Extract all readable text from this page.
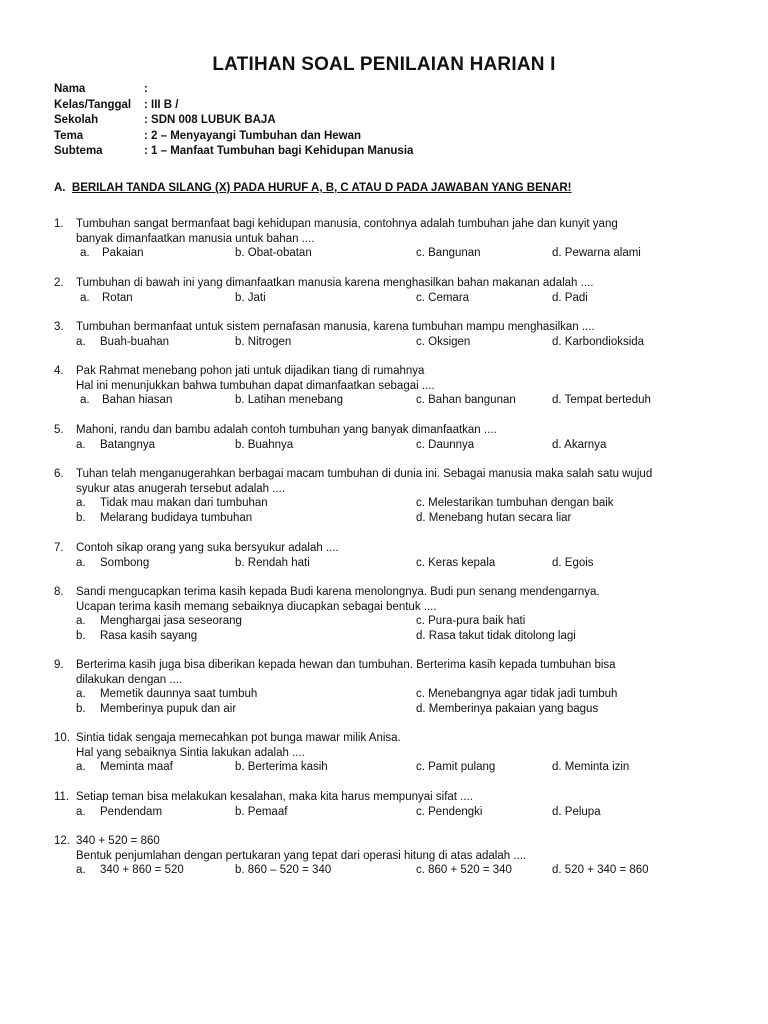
LATIHAN SOAL PENILAIAN HARIAN I
Nama	:
Kelas/Tanggal : III B /
Sekolah	: SDN 008 LUBUK BAJA
Tema	: 2 – Menyayangi Tumbuhan dan Hewan
Subtema	: 1 – Manfaat Tumbuhan bagi Kehidupan Manusia
A. BERILAH TANDA SILANG (X) PADA HURUF A, B, C ATAU D PADA JAWABAN YANG BENAR!
1. Tumbuhan sangat bermanfaat bagi kehidupan manusia, contohnya adalah tumbuhan jahe dan kunyit yang
banyak dimanfaatkan manusia untuk bahan ....
a. Pakaian	b. Obat-obatan	c. Bangunan	d. Pewarna alami
2. Tumbuhan di bawah ini yang dimanfaatkan manusia karena menghasilkan bahan makanan adalah ....
a. Rotan	b. Jati	c. Cemara	d. Padi
3. Tumbuhan bermanfaat untuk sistem pernafasan manusia, karena tumbuhan mampu menghasilkan ....
a. Buah-buahan	b. Nitrogen	c. Oksigen	d. Karbondioksida
4. Pak Rahmat menebang pohon jati untuk dijadikan tiang di rumahnya
Hal ini menunjukkan bahwa tumbuhan dapat dimanfaatkan sebagai ....
a. Bahan hiasan	b. Latihan menebang	c. Bahan bangunan	d. Tempat berteduh
5. Mahoni, randu dan bambu adalah contoh tumbuhan yang banyak dimanfaatkan ....
a. Batangnya	b. Buahnya	c. Daunnya	d. Akarnya
6. Tuhan telah menganugerahkan berbagai macam tumbuhan di dunia ini. Sebagai manusia maka salah satu wujud
syukur atas anugerah tersebut adalah ....
a. Tidak mau makan dari tumbuhan	c. Melestarikan tumbuhan dengan baik
b. Melarang budidaya tumbuhan	d. Menebang hutan secara liar
7. Contoh sikap orang yang suka bersyukur adalah ....
a. Sombong	b. Rendah hati	c. Keras kepala	d. Egois
8. Sandi mengucapkan terima kasih kepada Budi karena menolongnya. Budi pun senang mendengarnya.
Ucapan terima kasih memang sebaiknya diucapkan sebagai bentuk ....
a. Menghargai jasa seseorang	c. Pura-pura baik hati
b. Rasa kasih sayang	d. Rasa takut tidak ditolong lagi
9. Berterima kasih juga bisa diberikan kepada hewan dan tumbuhan. Berterima kasih kepada tumbuhan bisa
dilakukan dengan ....
a. Memetik daunnya saat tumbuh	c. Menebangnya agar tidak jadi tumbuh
b. Memberinya pupuk dan air	d. Memberinya pakaian yang bagus
10. Sintia tidak sengaja memecahkan pot bunga mawar milik Anisa.
Hal yang sebaiknya Sintia lakukan adalah ....
a. Meminta maaf	b. Berterima kasih	c. Pamit pulang	d. Meminta izin
11. Setiap teman bisa melakukan kesalahan, maka kita harus mempunyai sifat ....
a. Pendendam	b. Pemaaf	c. Pendengki	d. Pelupa
12. 340 + 520 = 860
Bentuk penjumlahan dengan pertukaran yang tepat dari operasi hitung di atas adalah ....
a. 340 + 860 = 520	b. 860 – 520 = 340	c. 860 + 520 = 340	d. 520 + 340 = 860
